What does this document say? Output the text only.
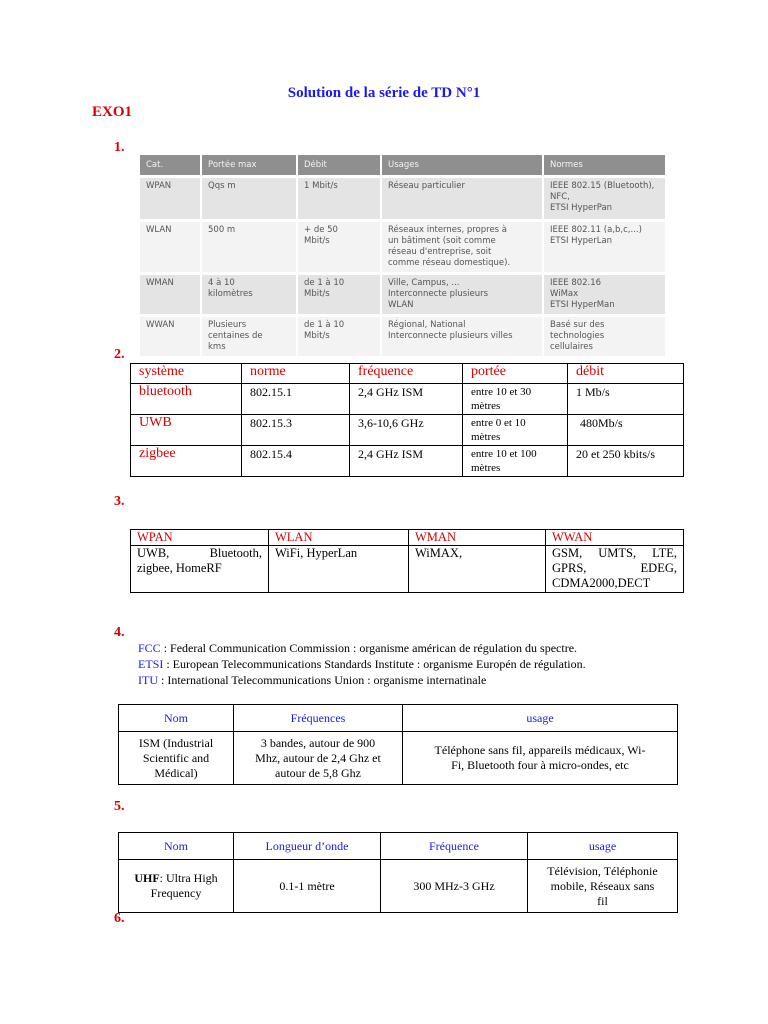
Solution de la série de TD N°1
EXO1
1.
2.
3.
4.
5.
6.
Cat.	Portée max	Débit	Usages	Normes
WPAN	Qqs m	1 Mbit/s	Réseau particulier	IEEE 802.15 (Bluetooth),
NFC,
ETSI HyperPan
WLAN	500 m	+ de 50
Mbit/s	Réseaux internes, propres à
un bâtiment (soit comme
réseau d'entreprise, soit
comme réseau domestique).	IEEE 802.11 (a,b,c,...)
ETSI HyperLan
WMAN	4 à 10
kilomètres	de 1 à 10
Mbit/s	Ville, Campus, ...
Interconnecte plusieurs
WLAN	IEEE 802.16
WiMax
ETSI HyperMan
WWAN	Plusieurs
centaines de
kms	de 1 à 10
Mbit/s	Régional, National
Interconnecte plusieurs villes	Basé sur des technologies
cellulaires
système	norme	fréquence	portée	débit
bluetooth	802.15.1	2,4 GHz ISM	entre 10 et 30
mètres	1 Mb/s
UWB	802.15.3	3,6-10,6 GHz	entre 0 et 10
mètres	480Mb/s
zigbee	802.15.4	2,4 GHz ISM	entre 10 et 100
mètres	20 et 250 kbits/s
WPAN	WLAN	WMAN	WWAN
UWB, Bluetooth, zigbee, HomeRF	WiFi, HyperLan	WiMAX,	GSM, UMTS, LTE, GPRS, EDEG, CDMA2000,DECT
FCC : Federal Communication Commission : organisme américan de régulation du spectre.
ETSI : European Telecommunications Standards Institute : organisme Europén de régulation.
ITU : International Telecommunications Union : organisme internatinale
Nom	Fréquences	usage
ISM (Industrial
Scientific and
Médical)	3 bandes, autour de 900
Mhz, autour de 2,4 Ghz et
autour de 5,8 Ghz	Téléphone sans fil, appareils médicaux, Wi-
Fi, Bluetooth four à micro-ondes, etc
Nom	Longueur d’onde	Fréquence	usage
UHF: Ultra High
Frequency	0.1-1 mètre	300 MHz-3 GHz	Télévision, Téléphonie
mobile, Réseaux sans
fil
